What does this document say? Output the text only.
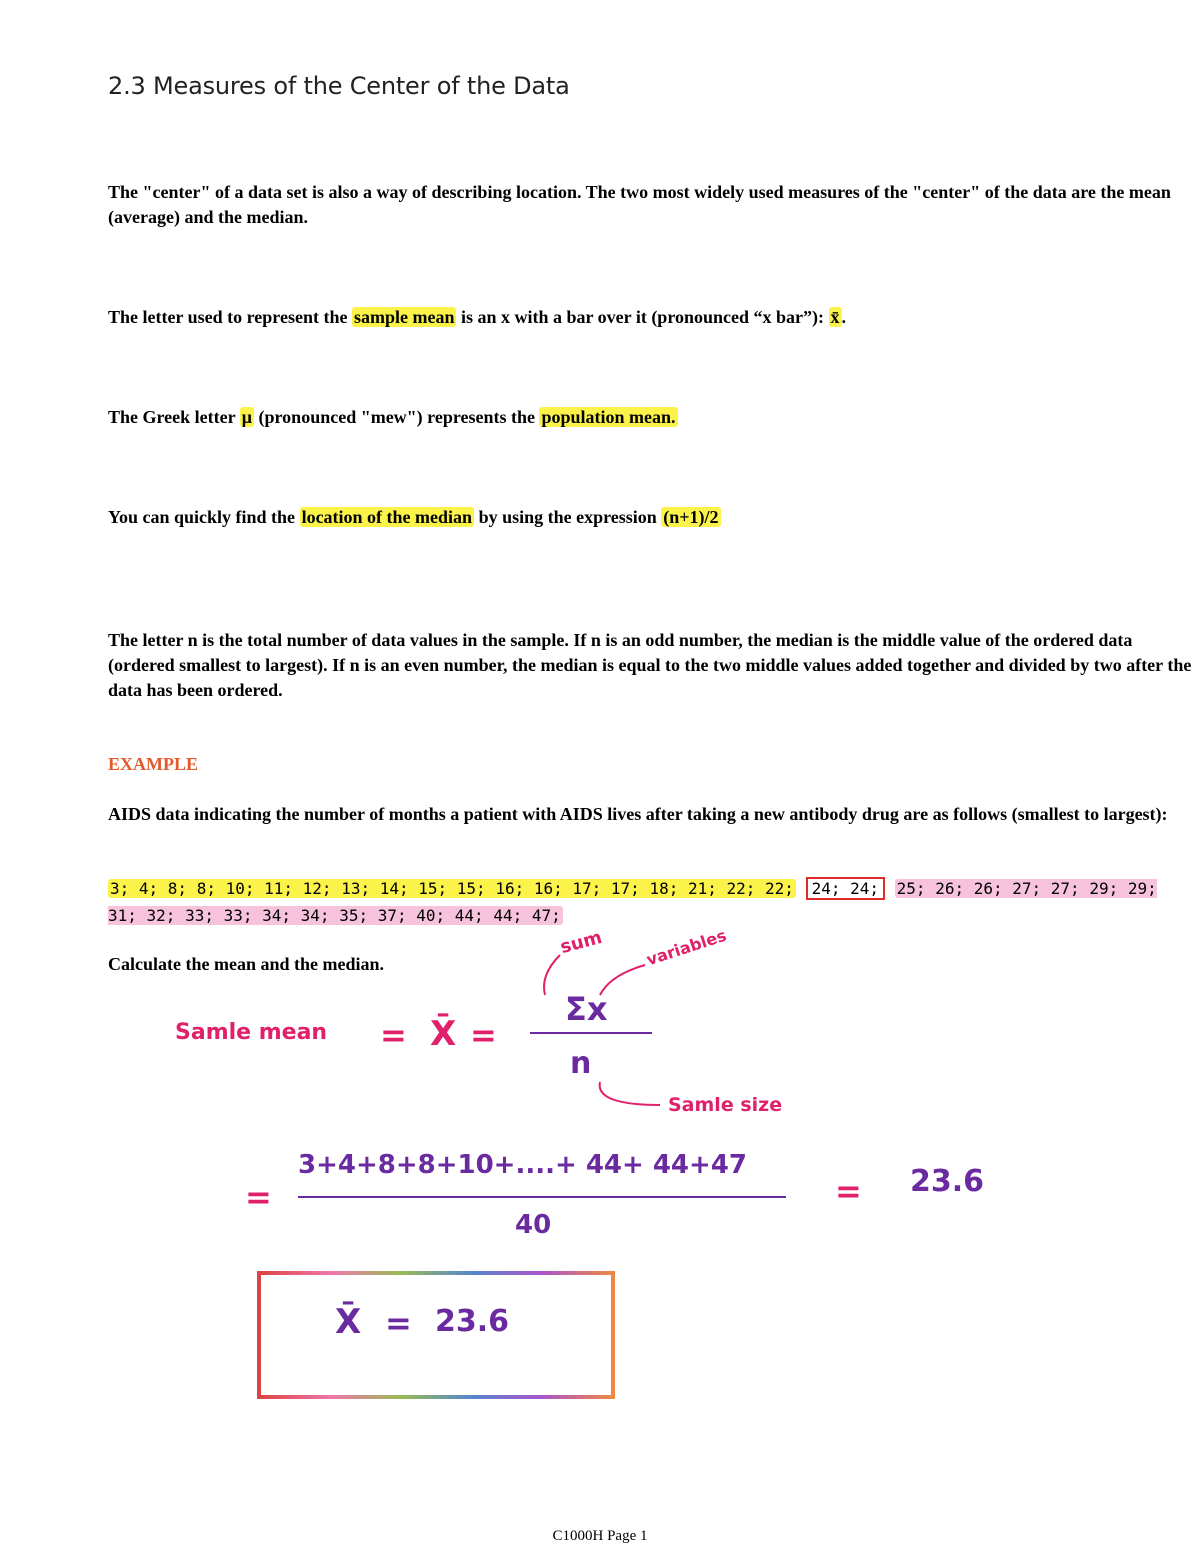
2.3 Measures of the Center of the Data

The "center" of a data set is also a way of describing location. The two most widely used measures of the "center" of the data are the mean (average) and the median.

The letter used to represent the sample mean is an x with a bar over it (pronounced “x bar”): x̄ .

The Greek letter μ (pronounced "mew") represents the population mean.

You can quickly find the location of the median by using the expression (n+1)/2

The letter n is the total number of data values in the sample. If n is an odd number, the median is the middle value of the ordered data (ordered smallest to largest). If n is an even number, the median is equal to the two middle values added together and divided by two after the data has been ordered.

EXAMPLE

AIDS data indicating the number of months a patient with AIDS lives after taking a new antibody drug are as follows (smallest to largest):

3; 4; 8; 8; 10; 11; 12; 13; 14; 15; 15; 16; 16; 17; 17; 18; 21; 22; 22; 24; 24; 25; 26; 26; 27; 27; 29; 29; 31; 32; 33; 33; 34; 34; 35; 37; 40; 44; 44; 47;

Calculate the mean and the median.

sum variables
Samle mean = X̄ =
Σx
n
Samle size
=
3+4+8+8+10+....+ 44+ 44+47
40
= 23.6
X̄ = 23.6
C1000H Page 1
